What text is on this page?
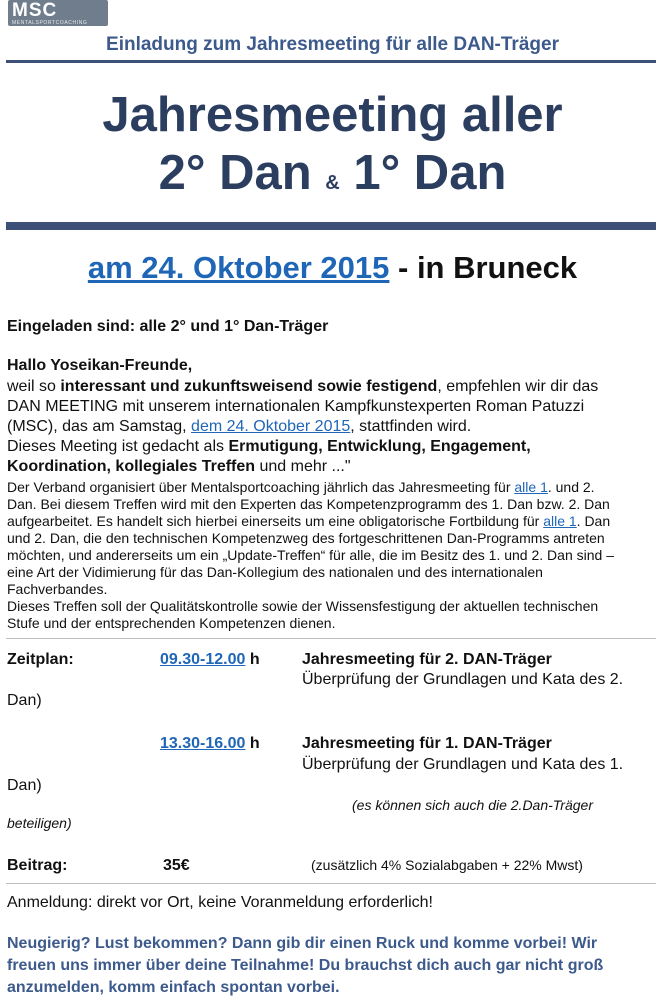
MSC
MENTALSPORTCOACHING
Einladung zum Jahresmeeting für alle DAN-Träger
Jahresmeeting aller
2° Dan & 1° Dan
am 24. Oktober 2015 - in Bruneck
Eingeladen sind: alle 2° und 1° Dan-Träger
Hallo Yoseikan-Freunde,
weil so interessant und zukunftsweisend sowie festigend, empfehlen wir dir das
DAN MEETING mit unserem internationalen Kampfkunstexperten Roman Patuzzi
(MSC), das am Samstag, dem 24. Oktober 2015, stattfinden wird.
Dieses Meeting ist gedacht als Ermutigung, Entwicklung, Engagement,
Koordination, kollegiales Treffen und mehr ..."
Der Verband organisiert über Mentalsportcoaching jährlich das Jahresmeeting für alle 1. und 2.
Dan. Bei diesem Treffen wird mit den Experten das Kompetenzprogramm des 1. Dan bzw. 2. Dan
aufgearbeitet. Es handelt sich hierbei einerseits um eine obligatorische Fortbildung für alle 1. Dan
und 2. Dan, die den technischen Kompetenzweg des fortgeschrittenen Dan-Programms antreten
möchten, und andererseits um ein „Update-Treffen“ für alle, die im Besitz des 1. und 2. Dan sind –
eine Art der Vidimierung für das Dan-Kollegium des nationalen und des internationalen
Fachverbandes.
Dieses Treffen soll der Qualitätskontrolle sowie der Wissensfestigung der aktuellen technischen
Stufe und der entsprechenden Kompetenzen dienen.
Zeitplan:	09.30-12.00 h	Jahresmeeting für 2. DAN-Träger
Überprüfung der Grundlagen und Kata des 2.
Dan)
13.30-16.00 h	Jahresmeeting für 1. DAN-Träger
Überprüfung der Grundlagen und Kata des 1.
Dan)
(es können sich auch die 2.Dan-Träger
beteiligen)
Beitrag:	35€	(zusätzlich 4% Sozialabgaben + 22% Mwst)
Anmeldung: direkt vor Ort, keine Voranmeldung erforderlich!
Neugierig? Lust bekommen? Dann gib dir einen Ruck und komme vorbei! Wir
freuen uns immer über deine Teilnahme! Du brauchst dich auch gar nicht groß
anzumelden, komm einfach spontan vorbei.
